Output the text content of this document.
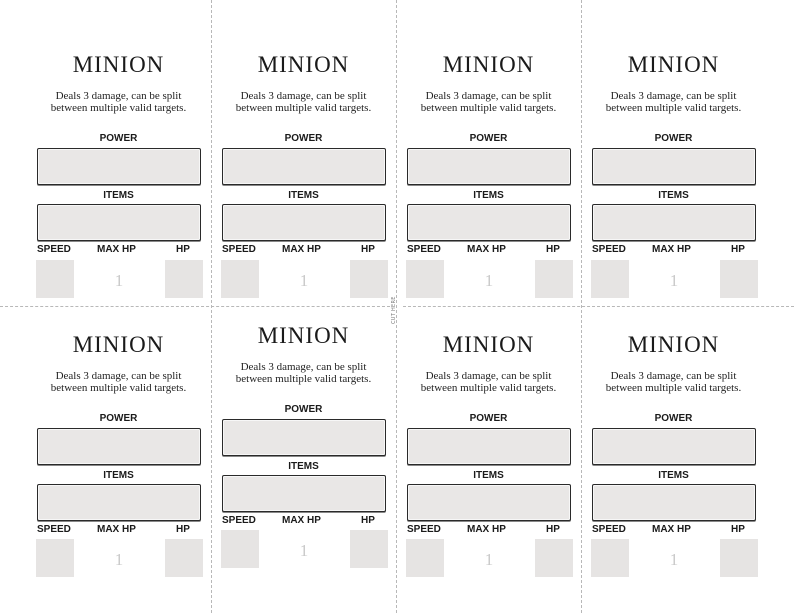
CUT HERE
MINION
Deals 3 damage, can be split
between multiple valid targets.
POWER
ITEMS
SPEED	MAX HP	HP
1
MINION
Deals 3 damage, can be split
between multiple valid targets.
POWER
ITEMS
SPEED	MAX HP	HP
1
MINION
Deals 3 damage, can be split
between multiple valid targets.
POWER
ITEMS
SPEED	MAX HP	HP
1
MINION
Deals 3 damage, can be split
between multiple valid targets.
POWER
ITEMS
SPEED	MAX HP	HP
1
MINION
Deals 3 damage, can be split
between multiple valid targets.
POWER
ITEMS
SPEED	MAX HP	HP
1
MINION
Deals 3 damage, can be split
between multiple valid targets.
POWER
ITEMS
SPEED	MAX HP	HP
1
MINION
Deals 3 damage, can be split
between multiple valid targets.
POWER
ITEMS
SPEED	MAX HP	HP
1
MINION
Deals 3 damage, can be split
between multiple valid targets.
POWER
ITEMS
SPEED	MAX HP	HP
1
